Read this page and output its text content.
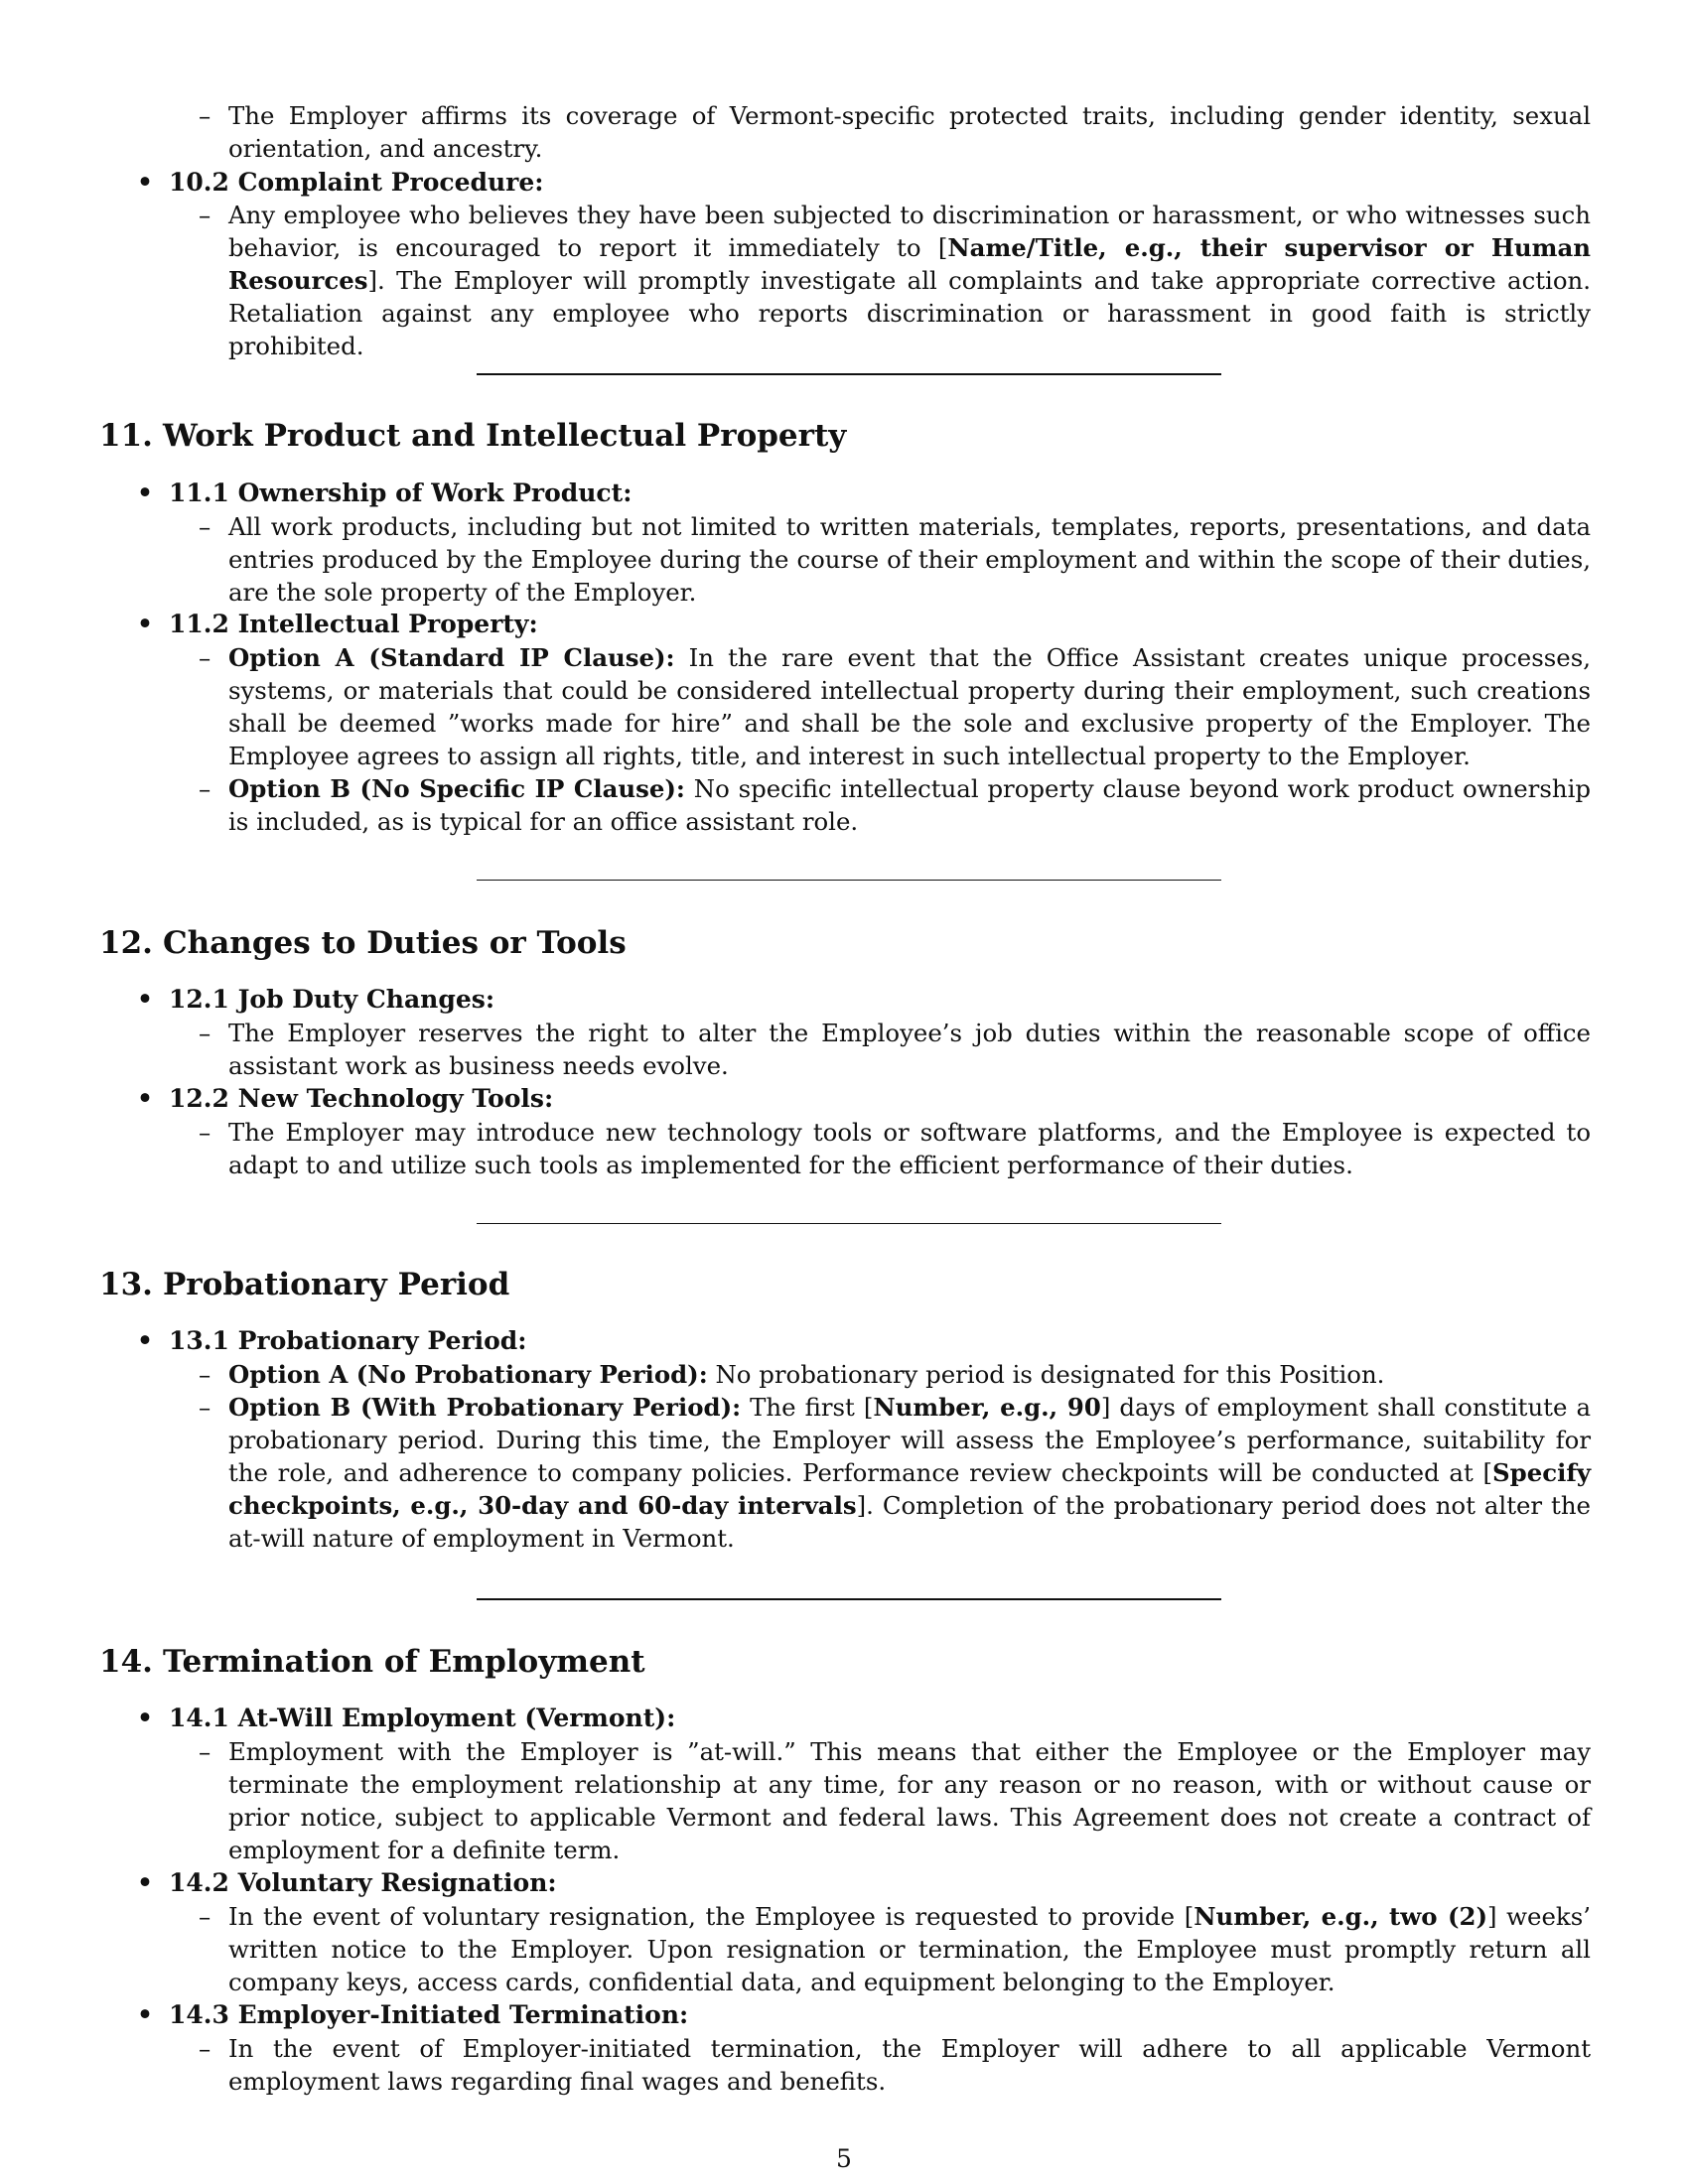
– The Employer affirms its coverage of Vermont-specific protected traits, including gender identity, sexual orientation, and ancestry.
• 10.2 Complaint Procedure:
– Any employee who believes they have been subjected to discrimination or harassment, or who witnesses such behavior, is encouraged to report it immediately to [Name/Title, e.g., their supervisor or Human Resources]. The Employer will promptly investigate all complaints and take appropriate corrective action. Retaliation against any employee who reports discrimination or harassment in good faith is strictly prohibited.
11. Work Product and Intellectual Property
• 11.1 Ownership of Work Product:
– All work products, including but not limited to written materials, templates, reports, presentations, and data entries produced by the Employee during the course of their employment and within the scope of their duties, are the sole property of the Employer.
• 11.2 Intellectual Property:
– Option A (Standard IP Clause): In the rare event that the Office Assistant creates unique processes, systems, or materials that could be considered intellectual property during their employment, such creations shall be deemed ”works made for hire” and shall be the sole and exclusive property of the Employer. The Employee agrees to assign all rights, title, and interest in such intellectual property to the Employer.
– Option B (No Specific IP Clause): No specific intellectual property clause beyond work product ownership is included, as is typical for an office assistant role.
12. Changes to Duties or Tools
• 12.1 Job Duty Changes:
– The Employer reserves the right to alter the Employee’s job duties within the reasonable scope of office assistant work as business needs evolve.
• 12.2 New Technology Tools:
– The Employer may introduce new technology tools or software platforms, and the Employee is expected to adapt to and utilize such tools as implemented for the efficient performance of their duties.
13. Probationary Period
• 13.1 Probationary Period:
– Option A (No Probationary Period): No probationary period is designated for this Position.
– Option B (With Probationary Period): The first [Number, e.g., 90] days of employment shall constitute a probationary period. During this time, the Employer will assess the Employee’s performance, suitability for the role, and adherence to company policies. Performance review checkpoints will be conducted at [Specify checkpoints, e.g., 30-day and 60-day intervals]. Completion of the probationary period does not alter the at-will nature of employment in Vermont.
14. Termination of Employment
• 14.1 At-Will Employment (Vermont):
– Employment with the Employer is ”at-will.” This means that either the Employee or the Employer may terminate the employment relationship at any time, for any reason or no reason, with or without cause or prior notice, subject to applicable Vermont and federal laws. This Agreement does not create a contract of employment for a definite term.
• 14.2 Voluntary Resignation:
– In the event of voluntary resignation, the Employee is requested to provide [Number, e.g., two (2)] weeks’ written notice to the Employer. Upon resignation or termination, the Employee must promptly return all company keys, access cards, confidential data, and equipment belonging to the Employer.
• 14.3 Employer-Initiated Termination:
– In the event of Employer-initiated termination, the Employer will adhere to all applicable Vermont employment laws regarding final wages and benefits.
5
